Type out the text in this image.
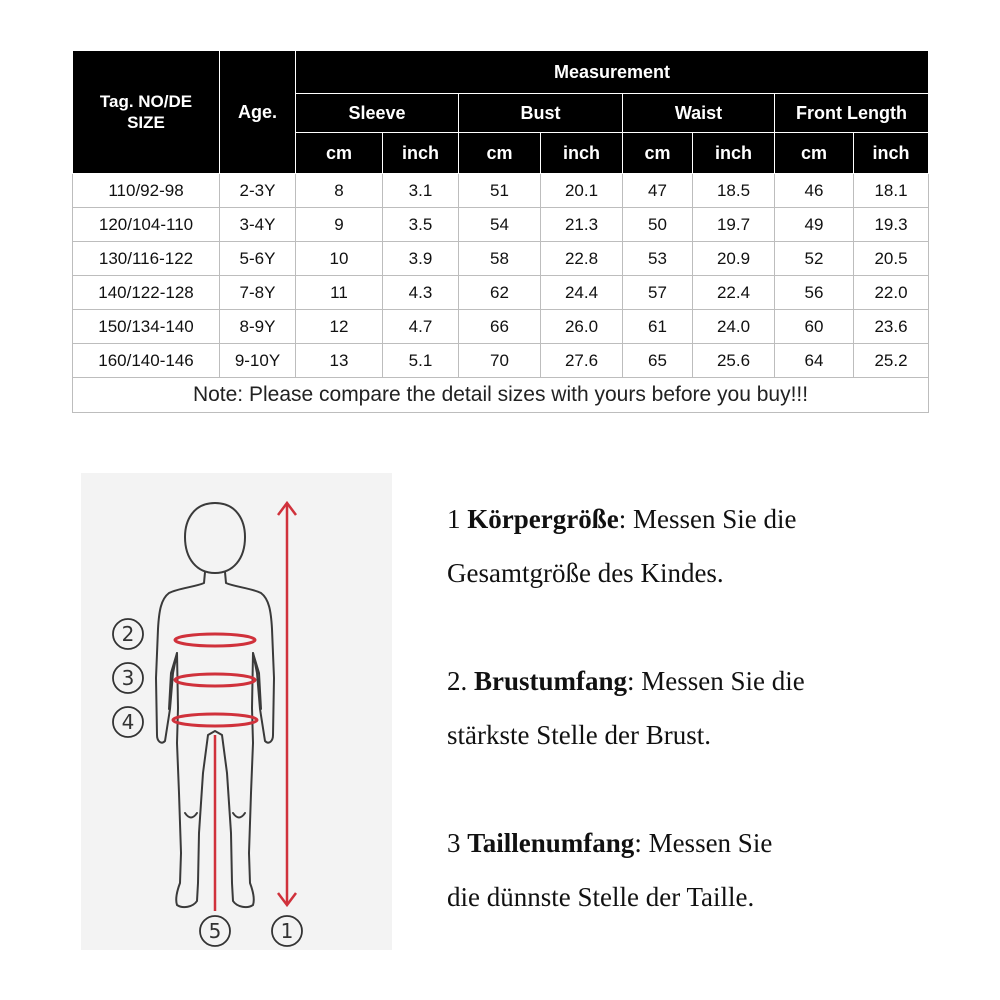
Tag. NO/DE
SIZE	Age.	Measurement							
		Sleeve		Bust		Waist		Front Length	
		cm	inch	cm	inch	cm	inch	cm	inch
110/92-98	2-3Y	8	3.1	51	20.1	47	18.5	46	18.1
120/104-110	3-4Y	9	3.5	54	21.3	50	19.7	49	19.3
130/116-122	5-6Y	10	3.9	58	22.8	53	20.9	52	20.5
140/122-128	7-8Y	11	4.3	62	24.4	57	22.4	56	22.0
150/134-140	8-9Y	12	4.7	66	26.0	61	24.0	60	23.6
160/140-146	9-10Y	13	5.1	70	27.6	65	25.6	64	25.2
Note: Please compare the detail sizes with yours before you buy!!!									
2
3
4
5	1
1 Körpergröße: Messen Sie die
Gesamtgröße des Kindes.
2. Brustumfang: Messen Sie die
stärkste Stelle der Brust.
3 Taillenumfang: Messen Sie
die dünnste Stelle der Taille.
